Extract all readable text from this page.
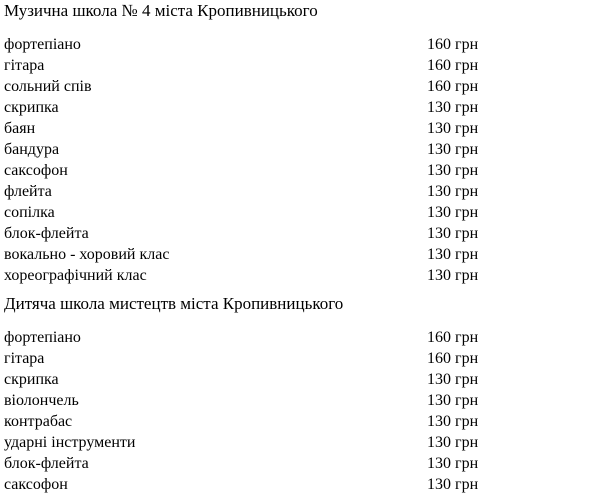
Музична школа № 4 міста Кропивницького
фортепіано	160 грн
гітара	160 грн
сольний спів	160 грн
скрипка	130 грн
баян	130 грн
бандура	130 грн
саксофон	130 грн
флейта	130 грн
сопілка	130 грн
блок-флейта	130 грн
вокально - хоровий клас	130 грн
хореографічний клас	130 грн
Дитяча школа мистецтв міста Кропивницького
фортепіано	160 грн
гітара	160 грн
скрипка	130 грн
віолончель	130 грн
контрабас	130 грн
ударні інструменти	130 грн
блок-флейта	130 грн
саксофон	130 грн
